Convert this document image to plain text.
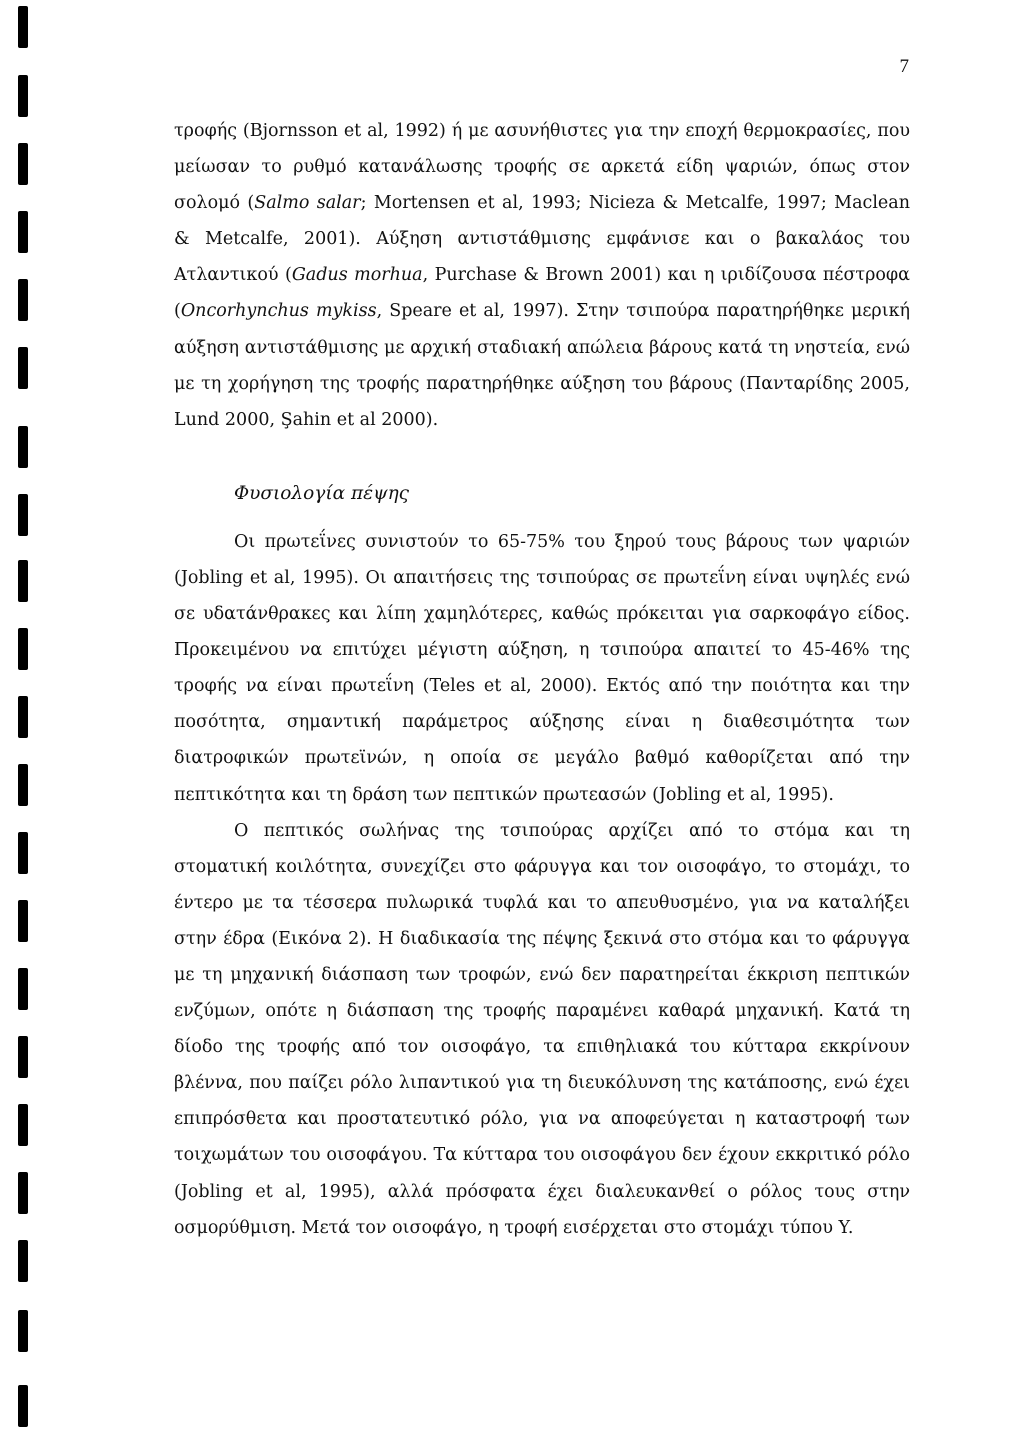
7

τροφής (Bjornsson et al, 1992) ή με ασυνήθιστες για την εποχή θερμοκρασίες, που μείωσαν το ρυθμό κατανάλωσης τροφής σε αρκετά είδη ψαριών, όπως στον σολομό (Salmo salar; Mortensen et al, 1993; Nicieza & Metcalfe, 1997; Maclean & Metcalfe, 2001). Αύξηση αντιστάθμισης εμφάνισε και ο βακαλάος του Ατλαντικού (Gadus morhua, Purchase & Brown 2001) και η ιριδίζουσα πέστροφα (Oncorhynchus mykiss, Speare et al, 1997). Στην τσιπούρα παρατηρήθηκε μερική αύξηση αντιστάθμισης με αρχική σταδιακή απώλεια βάρους κατά τη νηστεία, ενώ με τη χορήγηση της τροφής παρατηρήθηκε αύξηση του βάρους (Πανταρίδης 2005, Lund 2000, Şahin et al 2000).

Φυσιολογία πέψης

Οι πρωτεΐνες συνιστούν το 65-75% του ξηρού τους βάρους των ψαριών (Jobling et al, 1995). Οι απαιτήσεις της τσιπούρας σε πρωτεΐνη είναι υψηλές ενώ σε υδατάνθρακες και λίπη χαμηλότερες, καθώς πρόκειται για σαρκοφάγο είδος. Προκειμένου να επιτύχει μέγιστη αύξηση, η τσιπούρα απαιτεί το 45-46% της τροφής να είναι πρωτεΐνη (Teles et al, 2000). Εκτός από την ποιότητα και την ποσότητα, σημαντική παράμετρος αύξησης είναι η διαθεσιμότητα των διατροφικών πρωτεϊνών, η οποία σε μεγάλο βαθμό καθορίζεται από την πεπτικότητα και τη δράση των πεπτικών πρωτεασών (Jobling et al, 1995).

Ο πεπτικός σωλήνας της τσιπούρας αρχίζει από το στόμα και τη στοματική κοιλότητα, συνεχίζει στο φάρυγγα και τον οισοφάγο, το στομάχι, το έντερο με τα τέσσερα πυλωρικά τυφλά και το απευθυσμένο, για να καταλήξει στην έδρα (Εικόνα 2). Η διαδικασία της πέψης ξεκινά στο στόμα και το φάρυγγα με τη μηχανική διάσπαση των τροφών, ενώ δεν παρατηρείται έκκριση πεπτικών ενζύμων, οπότε η διάσπαση της τροφής παραμένει καθαρά μηχανική. Κατά τη δίοδο της τροφής από τον οισοφάγο, τα επιθηλιακά του κύτταρα εκκρίνουν βλέννα, που παίζει ρόλο λιπαντικού για τη διευκόλυνση της κατάποσης, ενώ έχει επιπρόσθετα και προστατευτικό ρόλο, για να αποφεύγεται η καταστροφή των τοιχωμάτων του οισοφάγου. Τα κύτταρα του οισοφάγου δεν έχουν εκκριτικό ρόλο (Jobling et al, 1995), αλλά πρόσφατα έχει διαλευκανθεί ο ρόλος τους στην οσμορύθμιση. Μετά τον οισοφάγο, η τροφή εισέρχεται στο στομάχι τύπου Y.
